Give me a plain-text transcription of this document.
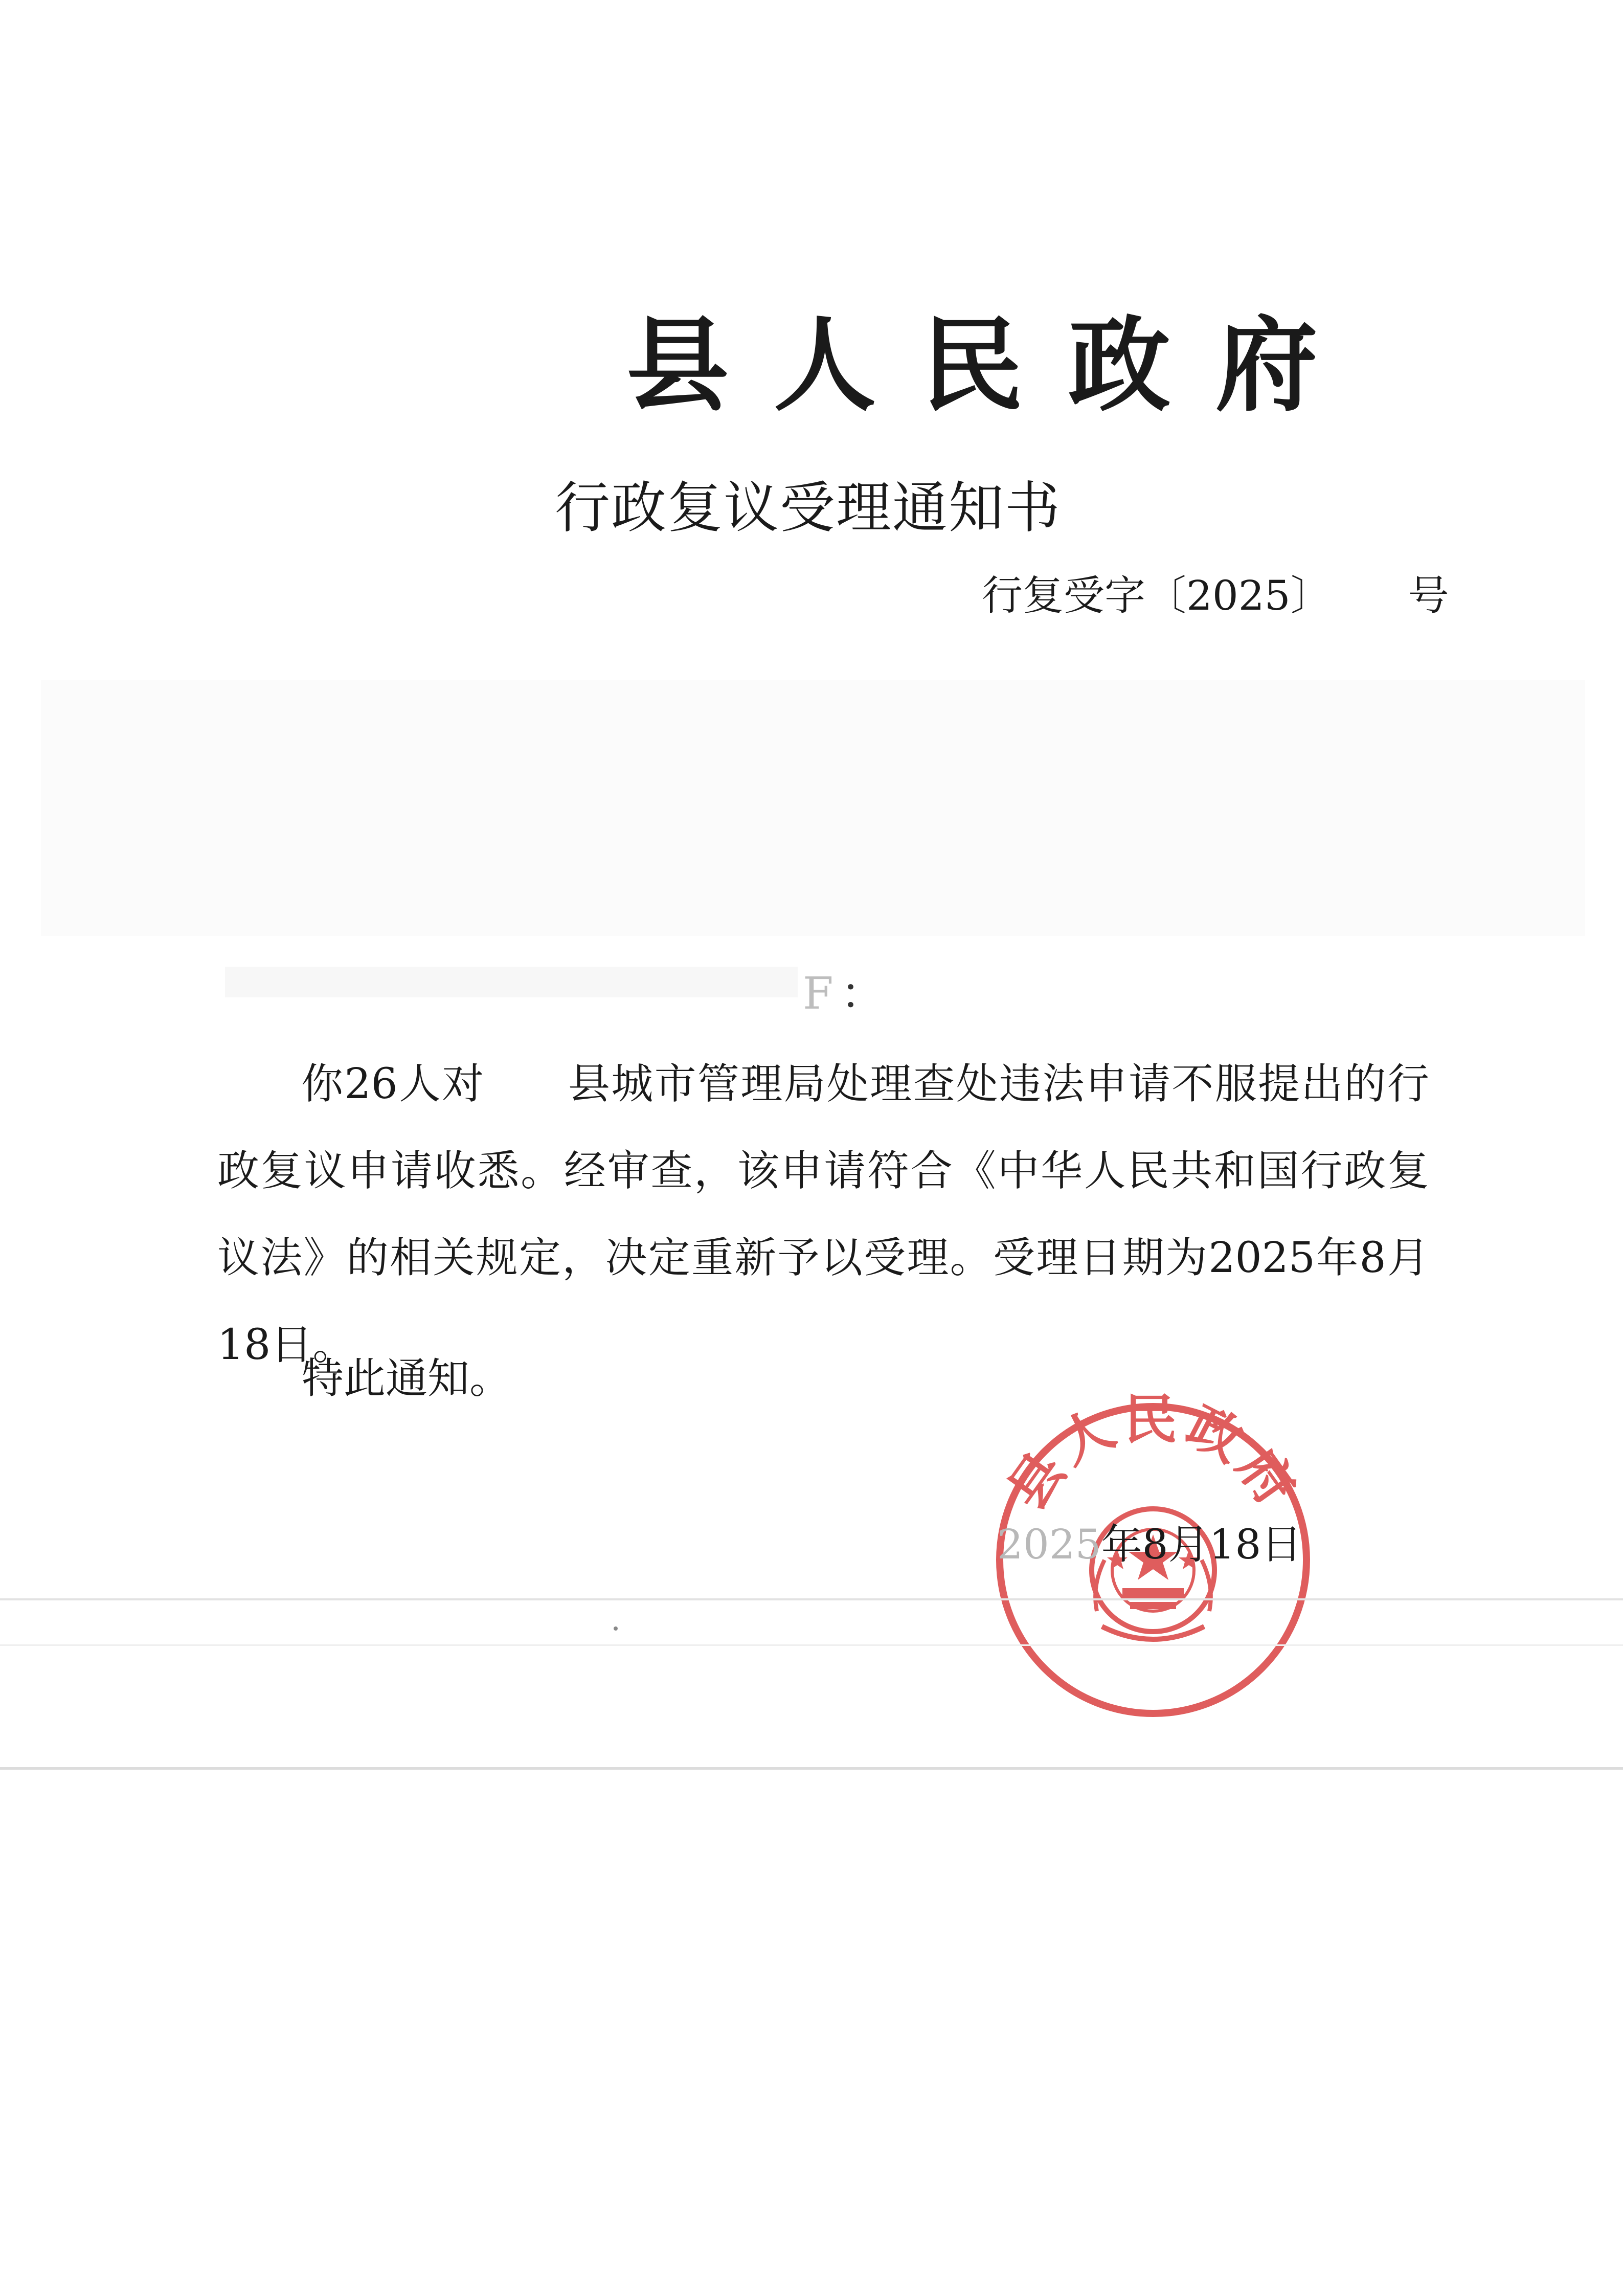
县人民政府
行政复议受理通知书
行复受字〔2025〕 号
F ：

你26人对 县城市管理局处理查处违法申请不服提出的行政复议申请收悉。经审查，该申请符合《中华人民共和国行政复议法》的相关规定，决定重新予以受理。受理日期为2025年8月18日。

特此通知。
县人民政府
2025年8月18日
